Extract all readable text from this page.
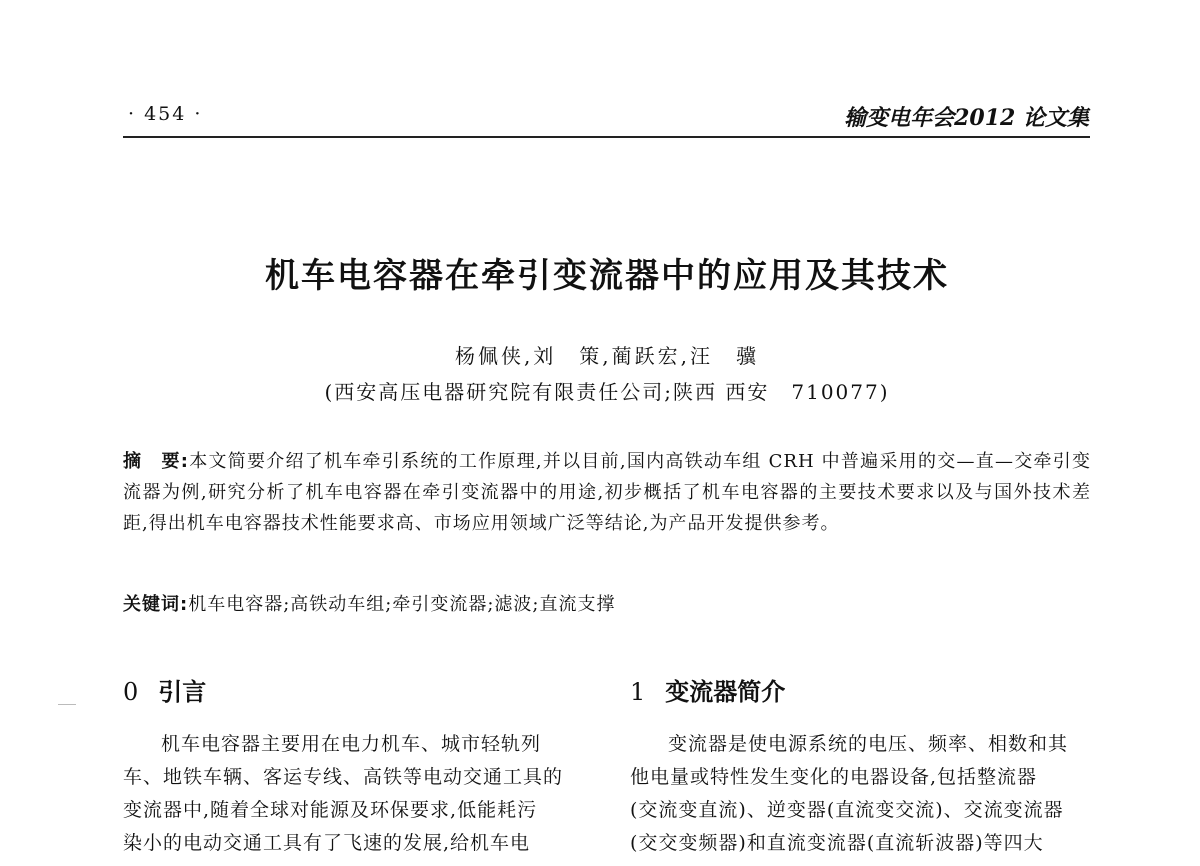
· 454 ·	输变电年会2012 论文集
机车电容器在牵引变流器中的应用及其技术
杨佩侠,刘　策,蔺跃宏,汪　骥
(西安高压电器研究院有限责任公司;陕西 西安　710077)
摘　要:本文简要介绍了机车牵引系统的工作原理,并以目前,国内高铁动车组 CRH 中普遍采用的交—直—交牵引变流器为例,研究分析了机车电容器在牵引变流器中的用途,初步概括了机车电容器的主要技术要求以及与国外技术差距,得出机车电容器技术性能要求高、市场应用领域广泛等结论,为产品开发提供参考。
关键词:机车电容器;高铁动车组;牵引变流器;滤波;直流支撑
0 引言	1 变流器简介
机车电容器主要用在电力机车、城市轻轨列
车、地铁车辆、客运专线、高铁等电动交通工具的
变流器中,随着全球对能源及环保要求,低能耗污
染小的电动交通工具有了飞速的发展,给机车电
变流器是使电源系统的电压、频率、相数和其
他电量或特性发生变化的电器设备,包括整流器
(交流变直流)、逆变器(直流变交流)、交流变流器
(交交变频器)和直流变流器(直流斩波器)等四大
